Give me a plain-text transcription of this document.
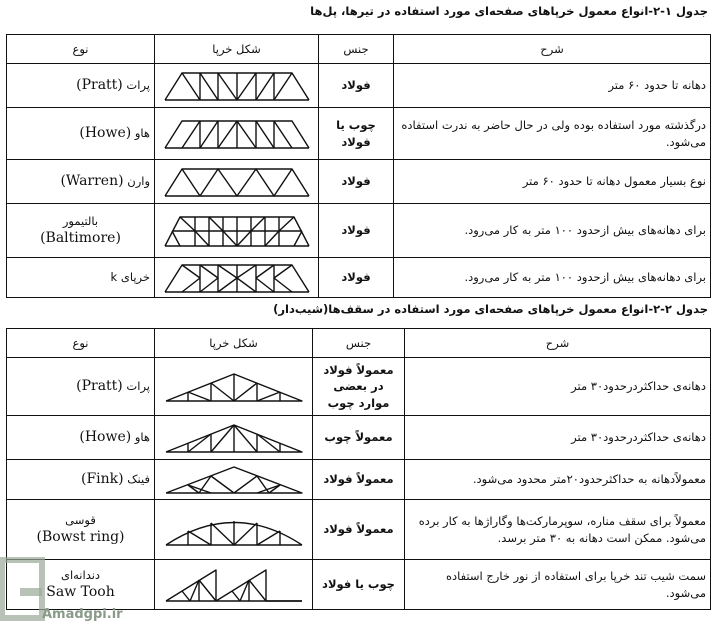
جدول ۱-۲-انواع معمول خرپاهای صفحه‌ای مورد استفاده در تیرها، پل‌ها
شرح	جنس	شکل خرپا	نوع
دهانه تا حدود ۶۰ متر	فولاد		پرات (Pratt)
درگذشته مورد استفاده بوده ولی در حال حاضر به ندرت استفاده می‌شود.	چوب یا فولاد		هاو (Howe)
نوع بسیار معمول دهانه تا حدود ۶۰ متر	فولاد		وارن (Warren)
برای دهانه‌های بیش ازحدود ۱۰۰ متر به کار می‌رود.	فولاد		بالتیمور
(Baltimore)

برای دهانه‌های بیش ازحدود ۱۰۰ متر به کار می‌رود.	فولاد		خرپای k
جدول ۲-۲-انواع معمول خرپاهای صفحه‌ای مورد استفاده در سقف‌ها(شیب‌دار)
شرح	جنس	شکل خرپا	نوع
دهانه‌ی حداکثردرحدود۳۰ متر	معمولاً فولاد در بعضی موارد چوب		پرات (Pratt)
دهانه‌ی حداکثردرحدود۳۰ متر	معمولاً چوب		هاو (Howe)
معمولاًدهانه به حداکثرحدود۲۰متر محدود می‌شود.	معمولاً فولاد		فینک (Fink)
معمولاً برای سقف مناره، سوپرمارکت‌ها وگاراژها به کار برده می‌شود. ممکن است دهانه به ۳۰ متر برسد.	معمولاً فولاد		قوسی
(Bowst ring)

سمت شیب تند خرپا برای استفاده از نور خارج استفاده می‌شود.	چوب یا فولاد		دندانه‌ای
Saw Tooh
Amadgpi.ir
